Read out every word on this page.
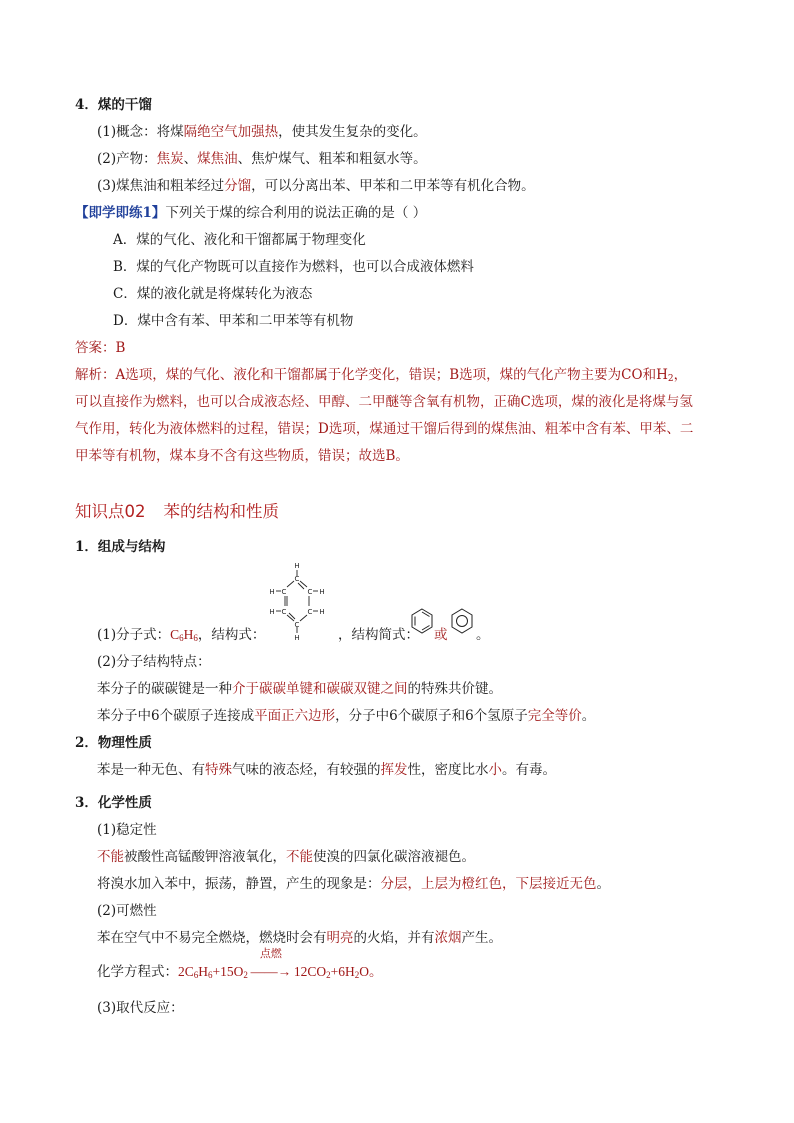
4．煤的干馏
(1)概念：将煤隔绝空气加强热，使其发生复杂的变化。
(2)产物：焦炭、煤焦油、焦炉煤气、粗苯和粗氨水等。
(3)煤焦油和粗苯经过分馏，可以分离出苯、甲苯和二甲苯等有机化合物。
【即学即练1】下列关于煤的综合利用的说法正确的是（ ）
A．煤的气化、液化和干馏都属于物理变化
B．煤的气化产物既可以直接作为燃料，也可以合成液体燃料
C．煤的液化就是将煤转化为液态
D．煤中含有苯、甲苯和二甲苯等有机物
答案：B
解析：A选项，煤的气化、液化和干馏都属于化学变化，错误；B选项，煤的气化产物主要为CO和$H_2$，
可以直接作为燃料，也可以合成液态烃、甲醇、二甲醚等含氧有机物，正确C选项，煤的液化是将煤与氢
气作用，转化为液体燃料的过程，错误；D选项，煤通过干馏后得到的煤焦油、粗苯中含有苯、甲苯、二
甲苯等有机物，煤本身不含有这些物质，错误；故选B。
知识点02 苯的结构和性质
1．组成与结构
H
C
C
C
C
C
C	H
H
H
H
H
(1)分子式：$C_6H_6$，结构式：	，结构简式： 或 。
(2)分子结构特点：
苯分子的碳碳键是一种介于碳碳单键和碳碳双键之间的特殊共价键。
苯分子中6个碳原子连接成平面正六边形，分子中6个碳原子和6个氢原子完全等价。
2．物理性质
苯是一种无色、有特殊气味的液态烃，有较强的挥发性，密度比水小。有毒。
3．化学性质
(1)稳定性
不能被酸性高锰酸钾溶液氧化，不能使溴的四氯化碳溶液褪色。
将溴水加入苯中，振荡，静置，产生的现象是：分层，上层为橙红色，下层接近无色。
(2)可燃性
苯在空气中不易完全燃烧，燃烧时会有明亮的火焰，并有浓烟产生。
化学方程式：$2C_6H_6+15O_2$
点燃
——→ $12CO_2+6H_2O$。
(3)取代反应：
